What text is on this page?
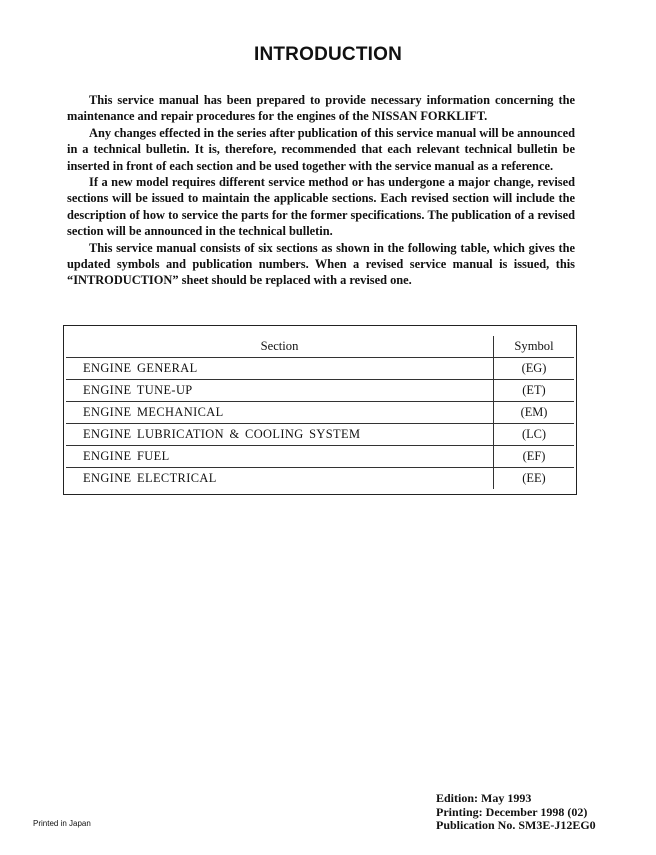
INTRODUCTION

This service manual has been prepared to provide necessary information concerning the maintenance and repair procedures for the engines of the NISSAN FORKLIFT.

Any changes effected in the series after publication of this service manual will be announced in a technical bulletin. It is, therefore, recommended that each relevant technical bulletin be inserted in front of each section and be used together with the service manual as a reference.

If a new model requires different service method or has undergone a major change, revised sections will be issued to maintain the applicable sections. Each revised section will include the description of how to service the parts for the former specifications. The publication of a revised section will be announced in the technical bulletin.

This service manual consists of six sections as shown in the following table, which gives the updated symbols and publication numbers. When a revised service manual is issued, this “INTRODUCTION” sheet should be replaced with a revised one.

Section	Symbol
ENGINE GENERAL	(EG)
ENGINE TUNE-UP	(ET)
ENGINE MECHANICAL	(EM)
ENGINE LUBRICATION & COOLING SYSTEM	(LC)
ENGINE FUEL	(EF)
ENGINE ELECTRICAL	(EE)
Edition: May 1993
Printing: December 1998 (02)
Publication No. SM3E-J12EG0
Printed in Japan
